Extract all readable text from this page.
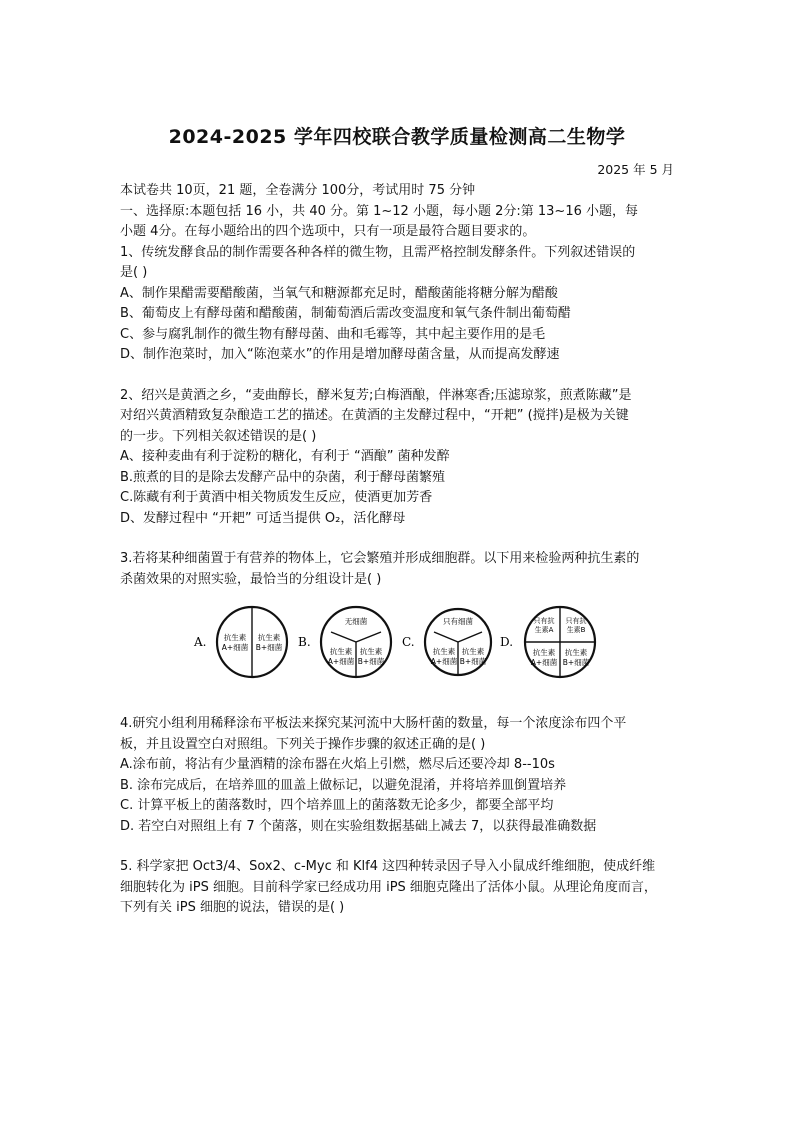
2024-2025 学年四校联合教学质量检测高二生物学
2025 年 5 月
本试卷共 10页，21 题，全卷满分 100分，考试用时 75 分钟
一、选择原:本题包括 16 小，共 40 分。第 1~12 小题，每小题 2分:第 13~16 小题，每
小题 4分。在每小题给出的四个选项中，只有一项是最符合题目要求的。
1、传统发酵食品的制作需要各种各样的微生物，且需严格控制发酵条件。下列叙述错误的
是( )
A、制作果醋需要醋酸菌，当氧气和糖源都充足时，醋酸菌能将糖分解为醋酸
B、葡萄皮上有酵母菌和醋酸菌，制葡萄酒后需改变温度和氧气条件制出葡萄醋
C、参与腐乳制作的微生物有酵母菌、曲和毛霉等，其中起主要作用的是毛
D、制作泡菜时，加入“陈泡菜水”的作用是增加酵母菌含量，从而提高发酵速
2、绍兴是黄酒之乡，“麦曲醇长，酵米复芳;白梅酒酿，伴淋寒香;压滤琼浆，煎煮陈藏”是
对绍兴黄酒精致复杂酿造工艺的描述。在黄酒的主发酵过程中，“开耙” (搅拌)是极为关键
的一步。下列相关叙述错误的是( )
A、接种麦曲有利于淀粉的糖化，有利于 “酒酿” 菌种发醉
B.煎煮的目的是除去发酵产品中的杂菌，利于酵母菌繁殖
C.陈藏有利于黄酒中相关物质发生反应，使酒更加芳香
D、发酵过程中 “开耙” 可适当提供 O₂，活化酵母
3.若将某种细菌置于有营养的物体上，它会繁殖并形成细胞群。以下用来检验两种抗生素的
杀菌效果的对照实验，最恰当的分组设计是( )
A. 抗生素 A+细菌
抗生素 B+细菌 B.
无细菌
抗生素 A+细菌
抗生素 B+细菌
C.
只有细菌
抗生素 A+细菌
抗生素 B+细菌
D.
只有抗生素A
只有抗生素B
抗生素 A+细菌
抗生素 B+细菌
4.研究小组利用稀释涂布平板法来探究某河流中大肠杆菌的数量，每一个浓度涂布四个平
板，并且设置空白对照组。下列关于操作步骤的叙述正确的是( )
A.涂布前，将沾有少量酒精的涂布器在火焰上引燃，燃尽后还要冷却 8--10s
B. 涂布完成后，在培养皿的皿盖上做标记，以避免混淆，并将培养皿倒置培养
C. 计算平板上的菌落数时，四个培养皿上的菌落数无论多少，都要全部平均
D. 若空白对照组上有 7 个菌落，则在实验组数据基础上减去 7，以获得最准确数据
5. 科学家把 Oct3/4、Sox2、c-Myc 和 Klf4 这四种转录因子导入小鼠成纤维细胞，使成纤维
细胞转化为 iPS 细胞。目前科学家已经成功用 iPS 细胞克隆出了活体小鼠。从理论角度而言，
下列有关 iPS 细胞的说法，错误的是( )
